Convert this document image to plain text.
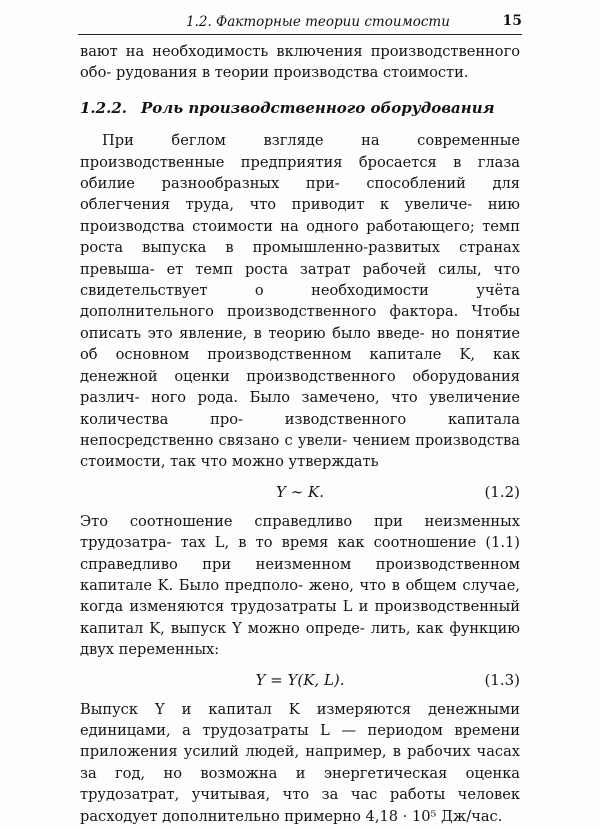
1.2. Факторные теории стоимости	15

вают на необходимость включения производственного обо- рудования в теории производства стоимости.

1.2.2. Роль производственного оборудования

При беглом взгляде на современные производственные предприятия бросается в глаза обилие разнообразных при- способлений для облегчения труда, что приводит к увеличе- нию производства стоимости на одного работающего; темп роста выпуска в промышленно-развитых странах превыша- ет темп роста затрат рабочей силы, что свидетельствует	о необходимости учёта дополнительного производственного фактора. Чтобы описать это явление, в теорию было введе- но понятие об основном производственном капитале K, как денежной оценки производственного оборудования различ- ного рода. Было замечено, что увеличение количества про-	изводственного капитала непосредственно связано с увели- чением производства стоимости, так что можно утверждать

Y ∼ K.	(1.2)

Это соотношение справедливо при неизменных трудозатра- тах L, в то время как соотношение (1.1) справедливо при неизменном производственном капитале K. Было предполо- жено, что в общем случае, когда изменяются трудозатраты L и производственный капитал K, выпуск Y можно опреде- лить, как функцию двух переменных:

Y = Y(K, L).	(1.3)

Выпуск Y и капитал K измеряются денежными единицами, а трудозатраты L — периодом времени приложения усилий людей, например, в рабочих часах за год, но возможна и энергетическая оценка трудозатрат, учитывая, что за час работы человек расходует дополнительно примерно 4,18 · 10⁵ Дж/час.
